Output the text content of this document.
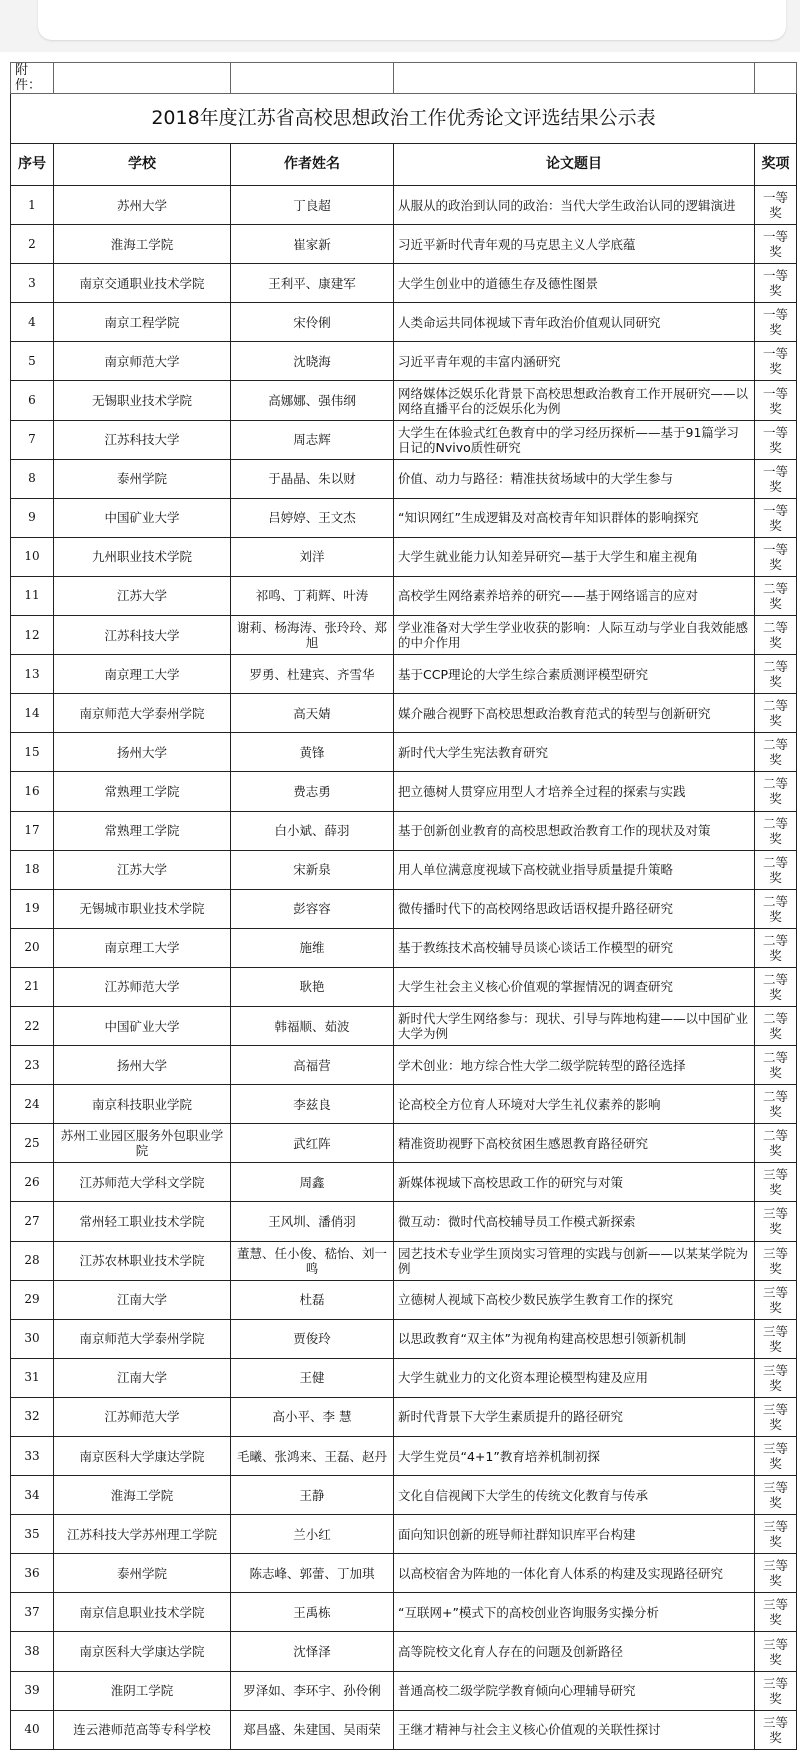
附件：				
2018年度江苏省高校思想政治工作优秀论文评选结果公示表				
序号	学校	作者姓名	论文题目	奖项
1	苏州大学	丁良超	从服从的政治到认同的政治：当代大学生政治认同的逻辑演进	一等奖
2	淮海工学院	崔家新	习近平新时代青年观的马克思主义人学底蕴	一等奖
3	南京交通职业技术学院	王利平、康建军	大学生创业中的道德生存及德性图景	一等奖
4	南京工程学院	宋伶俐	人类命运共同体视域下青年政治价值观认同研究	一等奖
5	南京师范大学	沈晓海	习近平青年观的丰富内涵研究	一等奖
6	无锡职业技术学院	高娜娜、强伟纲	网络媒体泛娱乐化背景下高校思想政治教育工作开展研究——以网络直播平台的泛娱乐化为例	一等奖
7	江苏科技大学	周志辉	大学生在体验式红色教育中的学习经历探析——基于91篇学习日记的Nvivo质性研究	一等奖
8	泰州学院	于晶晶、朱以财	价值、动力与路径：精准扶贫场域中的大学生参与	一等奖
9	中国矿业大学	吕婷婷、王文杰	“知识网红”生成逻辑及对高校青年知识群体的影响探究	一等奖
10	九州职业技术学院	刘洋	大学生就业能力认知差异研究—基于大学生和雇主视角	一等奖
11	江苏大学	祁鸣、丁莉辉、叶涛	高校学生网络素养培养的研究——基于网络谣言的应对	二等奖
12	江苏科技大学	谢莉、杨海涛、张玲玲、郑旭	学业准备对大学生学业收获的影响：人际互动与学业自我效能感的中介作用	二等奖
13	南京理工大学	罗勇、杜建宾、齐雪华	基于CCP理论的大学生综合素质测评模型研究	二等奖
14	南京师范大学泰州学院	高天婧	媒介融合视野下高校思想政治教育范式的转型与创新研究	二等奖
15	扬州大学	黄锋	新时代大学生宪法教育研究	二等奖
16	常熟理工学院	费志勇	把立德树人贯穿应用型人才培养全过程的探索与实践	二等奖
17	常熟理工学院	白小斌、薛羽	基于创新创业教育的高校思想政治教育工作的现状及对策	二等奖
18	江苏大学	宋新泉	用人单位满意度视域下高校就业指导质量提升策略	二等奖
19	无锡城市职业技术学院	彭容容	微传播时代下的高校网络思政话语权提升路径研究	二等奖
20	南京理工大学	施维	基于教练技术高校辅导员谈心谈话工作模型的研究	二等奖
21	江苏师范大学	耿艳	大学生社会主义核心价值观的掌握情况的调查研究	二等奖
22	中国矿业大学	韩福顺、茹波	新时代大学生网络参与：现状、引导与阵地构建——以中国矿业大学为例	二等奖
23	扬州大学	高福营	学术创业：地方综合性大学二级学院转型的路径选择	二等奖
24	南京科技职业学院	李兹良	论高校全方位育人环境对大学生礼仪素养的影响	二等奖
25	苏州工业园区服务外包职业学院	武红阵	精准资助视野下高校贫困生感恩教育路径研究	二等奖
26	江苏师范大学科文学院	周鑫	新媒体视域下高校思政工作的研究与对策	三等奖
27	常州轻工职业技术学院	王风圳、潘俏羽	微互动：微时代高校辅导员工作模式新探索	三等奖
28	江苏农林职业技术学院	董慧、任小俊、嵇怡、刘一鸣	园艺技术专业学生顶岗实习管理的实践与创新——以某某学院为例	三等奖
29	江南大学	杜磊	立德树人视域下高校少数民族学生教育工作的探究	三等奖
30	南京师范大学泰州学院	贾俊玲	以思政教育“双主体”为视角构建高校思想引领新机制	三等奖
31	江南大学	王健	大学生就业力的文化资本理论模型构建及应用	三等奖
32	江苏师范大学	高小平、李 慧	新时代背景下大学生素质提升的路径研究	三等奖
33	南京医科大学康达学院	毛曦、张鸿来、王磊、赵丹	大学生党员“4+1”教育培养机制初探	三等奖
34	淮海工学院	王静	文化自信视阈下大学生的传统文化教育与传承	三等奖
35	江苏科技大学苏州理工学院	兰小红	面向知识创新的班导师社群知识库平台构建	三等奖
36	泰州学院	陈志峰、郭蕾、丁加琪	以高校宿舍为阵地的一体化育人体系的构建及实现路径研究	三等奖
37	南京信息职业技术学院	王禹栋	“互联网+”模式下的高校创业咨询服务实操分析	三等奖
38	南京医科大学康达学院	沈怿泽	高等院校文化育人存在的问题及创新路径	三等奖
39	淮阴工学院	罗泽如、李环宇、孙伶俐	普通高校二级学院学教育倾向心理辅导研究	三等奖
40	连云港师范高等专科学校	郑昌盛、朱建国、吴雨荣	王继才精神与社会主义核心价值观的关联性探讨	三等奖
